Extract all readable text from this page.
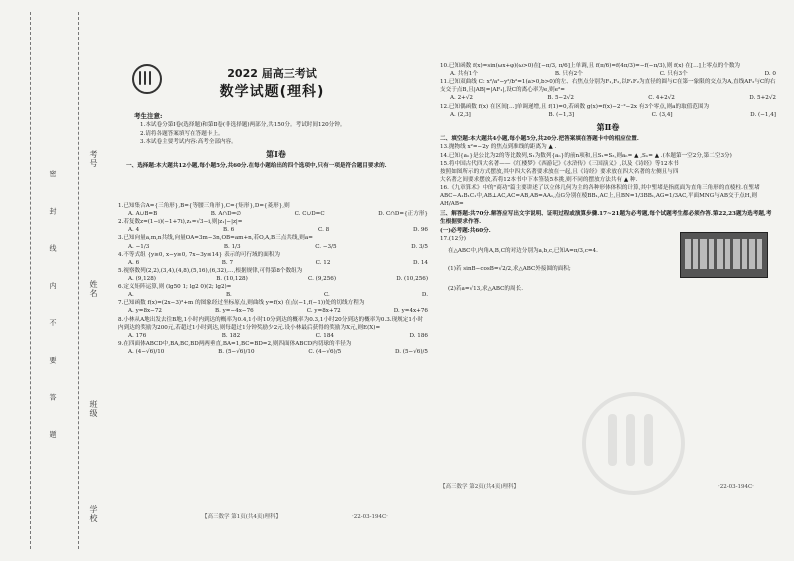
考号
姓名
班级
学校
密 封 线 内 不 要 答 题
2022 届高三考试
数学试题(理科)
考生注意:
1.本试卷分第Ⅰ卷(选择题)和第Ⅱ卷(非选择题)两部分,共150分。考试时间120分钟。
2.请将各题答案填写在答题卡上。
3.本试卷主要考试内容:高考全部内容。
第Ⅰ卷
一、选择题:本大题共12小题,每小题5分,共60分.在每小题给出的四个选项中,只有一项是符合题目要求的.
1.已知集合A={三角形},B={等腰三角形},C={矩形},D={菱形},则
A. A∪B=B	B. A∩D=∅	C. C∪D=C	D. C∩D={正方形}
2.若复数z=(1−i)(−1+7i),z₁=√3−i,则|z₁|−|z|=
A. 4	B. 6	C. 8	D. 96
3.已知向量a,m,n共线,向量OA=3m−3n,OB=am+n,若O,A,B三点共线,则a=
A. −1/3	B. 1/3	C. −3/5	D. 3/5
4.不等式组 {y≥0, x−y≥0, 7x−3y≤14} 表示的可行域的面积为
A. 6	B. 7	C. 12	D. 14
5.视察数列(2,2),(3,4),(4,8),(5,16),(6,32),…,根据规律,可得第8个数组为
A. (9,128)	B. (10,128)	C. (9,256)	D. (10,256)
6.定义矩阵运算,则 (lg50 1; lg2 0)(2; lg2)=
A.	B.	C.	D.
7.已知函数 f(x)=(2x−3)²+m 的图象经过坐标原点,则曲线 y=f(x) 在点(−1,f(−1))处的切线方程为
A. y=8x−72	B. y=−4x−76	C. y=8x+72	D. y=4x+76
8.小林从A地出发去往B地,1小时内到达的概率为0.4,1小时10分到达的概率为0.3,1小时20分到达的概率为0.3.现规定1小时内到达的奖励为200元,若超过1小时到达,则每超过1分钟奖励少2元.设小林最后获得的奖励为X元,则E(X)=
A. 176	B. 182	C. 184	D. 186
9.在四面体ABCD中,BA,BC,BD两两垂直,BA=1,BC=BD=2,则四面体ABCD内切球的半径为
A. (4−√6)/10	B. (5−√6)/10	C. (4−√6)/5	D. (5−√6)/5
【高三数学 第1页(共4页)理科】	·22-03-194C·
10.已知函数 f(x)=sin(ωx+φ)(ω>0)在[−π/3, π/6]上单调,且 f(π/6)=f(4π/3)=−f(−π/3),则 f(x) 在[…]上零点的个数为
A. 共有1个	B. 只有2个	C. 只有3个	D. 0
11.已知双曲线 C: x²/a²−y²/b²=1(a>0,b>0)的左、右焦点分别为F₁,F₂,以F₁F₂为直径的圆与C在第一象限的交点为A,直线AF₂与C的右支交于点B,且|AB|=|AF₁|,设C的离心率为e,则e²=
A. 2+√2	B. 5−2√2	C. 4+2√2	D. 5+2√2
12.已知偶函数 f(x) 在区间[…]单调递增,且 f(1)=0,若函数 g(x)=f(x)−2⁻²−2x 有3个零点,则a的取值范围为
A. (2,3]	B. (−1,3]	C. (3,4]	D. (−1,4]
第Ⅱ卷
二、填空题:本大题共4小题,每小题5分,共20分.把答案填在答题卡中的相应位置.
13.抛物线 x²=−2y 的焦点到准线的距离为 ▲ .
14.已知{aₙ}是公比为2的等比数列,S₁为数列{aₙ}的前n项和,且S₁=S₃,则aₙ= ▲ ,Sₙ= ▲ .(本题第一空2分,第二空3分)
15.将中国古代四大名著——《红楼梦》《西游记》《水浒传》《三国演义》,以及《诗经》等12本书按照如图所示的方式摆放,其中四大名著要求放在一起,且《诗经》要求放在四大名著的左侧且与四大名著之间要求摆放,若将12本书中下本签装5本挑,则不同的摆放方法共有 ▲ 种.
16.《九章算术》中的"商功"篇主要讲述了以立体几何为主的各种形体体积的计算,其中堑堵是指底面为直角三角形的直棱柱.在堑堵ABC−A₁B₁C₁中,AB⊥AC,AC=AB,AB=AA₁,点G分别在棱BB₁,AC上,且BN=1/3BB₁,AG=1/3AC,平面MNG与AB交于点H,则AH/AB=
三、解答题:共70分.解答应写出文字说明、证明过程或演算步骤.17~21题为必考题,每个试题考生都必须作答.第22,23题为选考题,考生根据要求作答.
(一)必考题:共60分.
17.(12分)
在△ABC中,内角A,B,C的对边分别为a,b,c,已知A=π/3,c=4.
(1)若 sinB−cosB=√2/2,求△ABC外接圆的面积;
(2)若a=√13,求△ABC的周长.
【高三数学 第2页(共4页)理科】	·22-03-194C·
